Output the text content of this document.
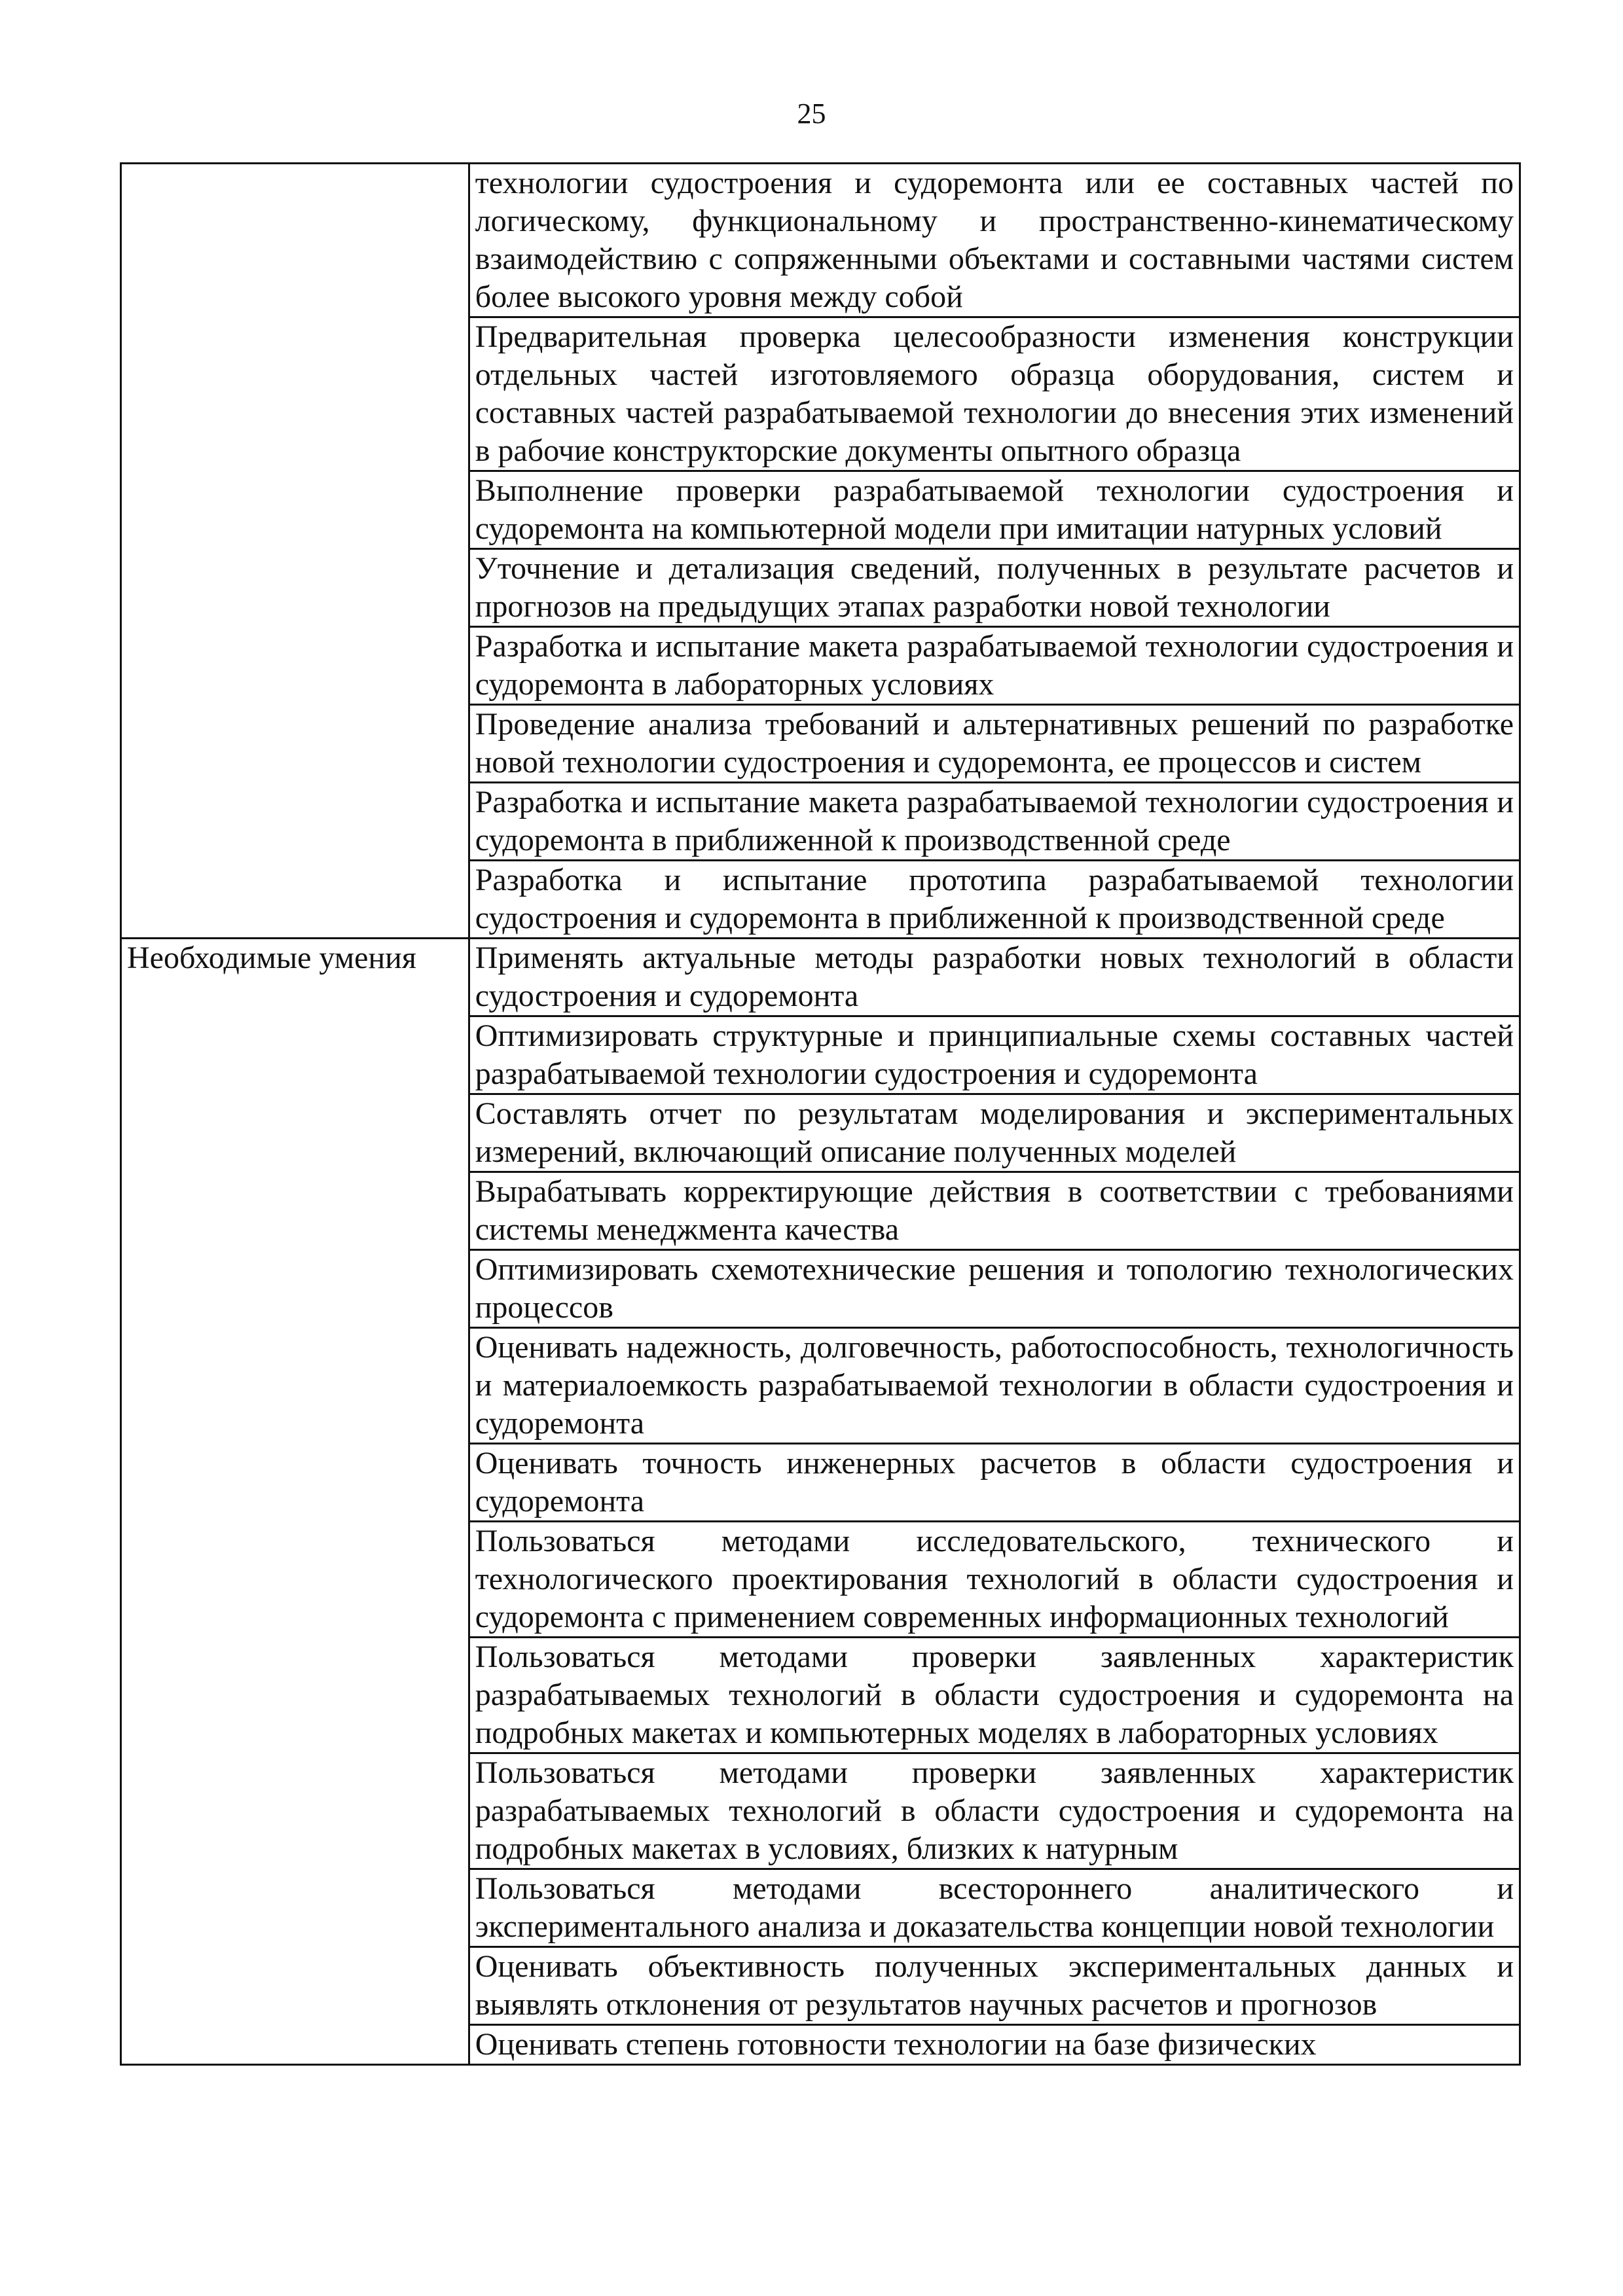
25
	технологии судостроения и судоремонта или ее составных частей по логическому, функциональному и пространственно-кинематическому взаимодействию с сопряженными объектами и составными частями систем более высокого уровня между собой
	Предварительная проверка целесообразности изменения конструкции отдельных частей изготовляемого образца оборудования, систем и составных частей разрабатываемой технологии до внесения этих изменений в рабочие конструкторские документы опытного образца
	Выполнение проверки разрабатываемой технологии судостроения и судоремонта на компьютерной модели при имитации натурных условий
	Уточнение и детализация сведений, полученных в результате расчетов и прогнозов на предыдущих этапах разработки новой технологии
	Разработка и испытание макета разрабатываемой технологии судостроения и судоремонта в лабораторных условиях
	Проведение анализа требований и альтернативных решений по разработке новой технологии судостроения и судоремонта, ее процессов и систем
	Разработка и испытание макета разрабатываемой технологии судостроения и судоремонта в приближенной к производственной среде
	Разработка и испытание прототипа разрабатываемой технологии судостроения и судоремонта в приближенной к производственной среде
Необходимые умения	Применять актуальные методы разработки новых технологий в области судостроения и судоремонта
	Оптимизировать структурные и принципиальные схемы составных частей разрабатываемой технологии судостроения и судоремонта
	Составлять отчет по результатам моделирования и экспериментальных измерений, включающий описание полученных моделей
	Вырабатывать корректирующие действия в соответствии с требованиями системы менеджмента качества
	Оптимизировать схемотехнические решения и топологию технологических процессов
	Оценивать надежность, долговечность, работоспособность, технологичность и материалоемкость разрабатываемой технологии в области судостроения и судоремонта
	Оценивать точность инженерных расчетов в области судостроения и судоремонта
	Пользоваться методами исследовательского, технического и технологического проектирования технологий в области судостроения и судоремонта с применением современных информационных технологий
	Пользоваться методами проверки заявленных характеристик разрабатываемых технологий в области судостроения и судоремонта на подробных макетах и компьютерных моделях в лабораторных условиях
	Пользоваться методами проверки заявленных характеристик разрабатываемых технологий в области судостроения и судоремонта на подробных макетах в условиях, близких к натурным
	Пользоваться методами всестороннего аналитического и экспериментального анализа и доказательства концепции новой технологии
	Оценивать объективность полученных экспериментальных данных и выявлять отклонения от результатов научных расчетов и прогнозов
	Оценивать степень готовности технологии на базе физических
